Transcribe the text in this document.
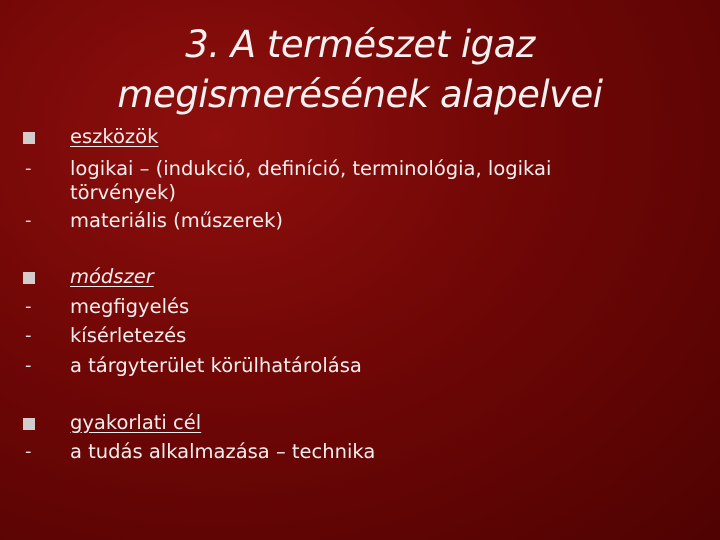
3. A természet igaz
megismerésének alapelvei
eszközök
- logikai – (indukció, definíció, terminológia, logikai
törvények)
- materiális (műszerek)
módszer
- megfigyelés
- kísérletezés
- a tárgyterület körülhatárolása
gyakorlati cél
- a tudás alkalmazása – technika
